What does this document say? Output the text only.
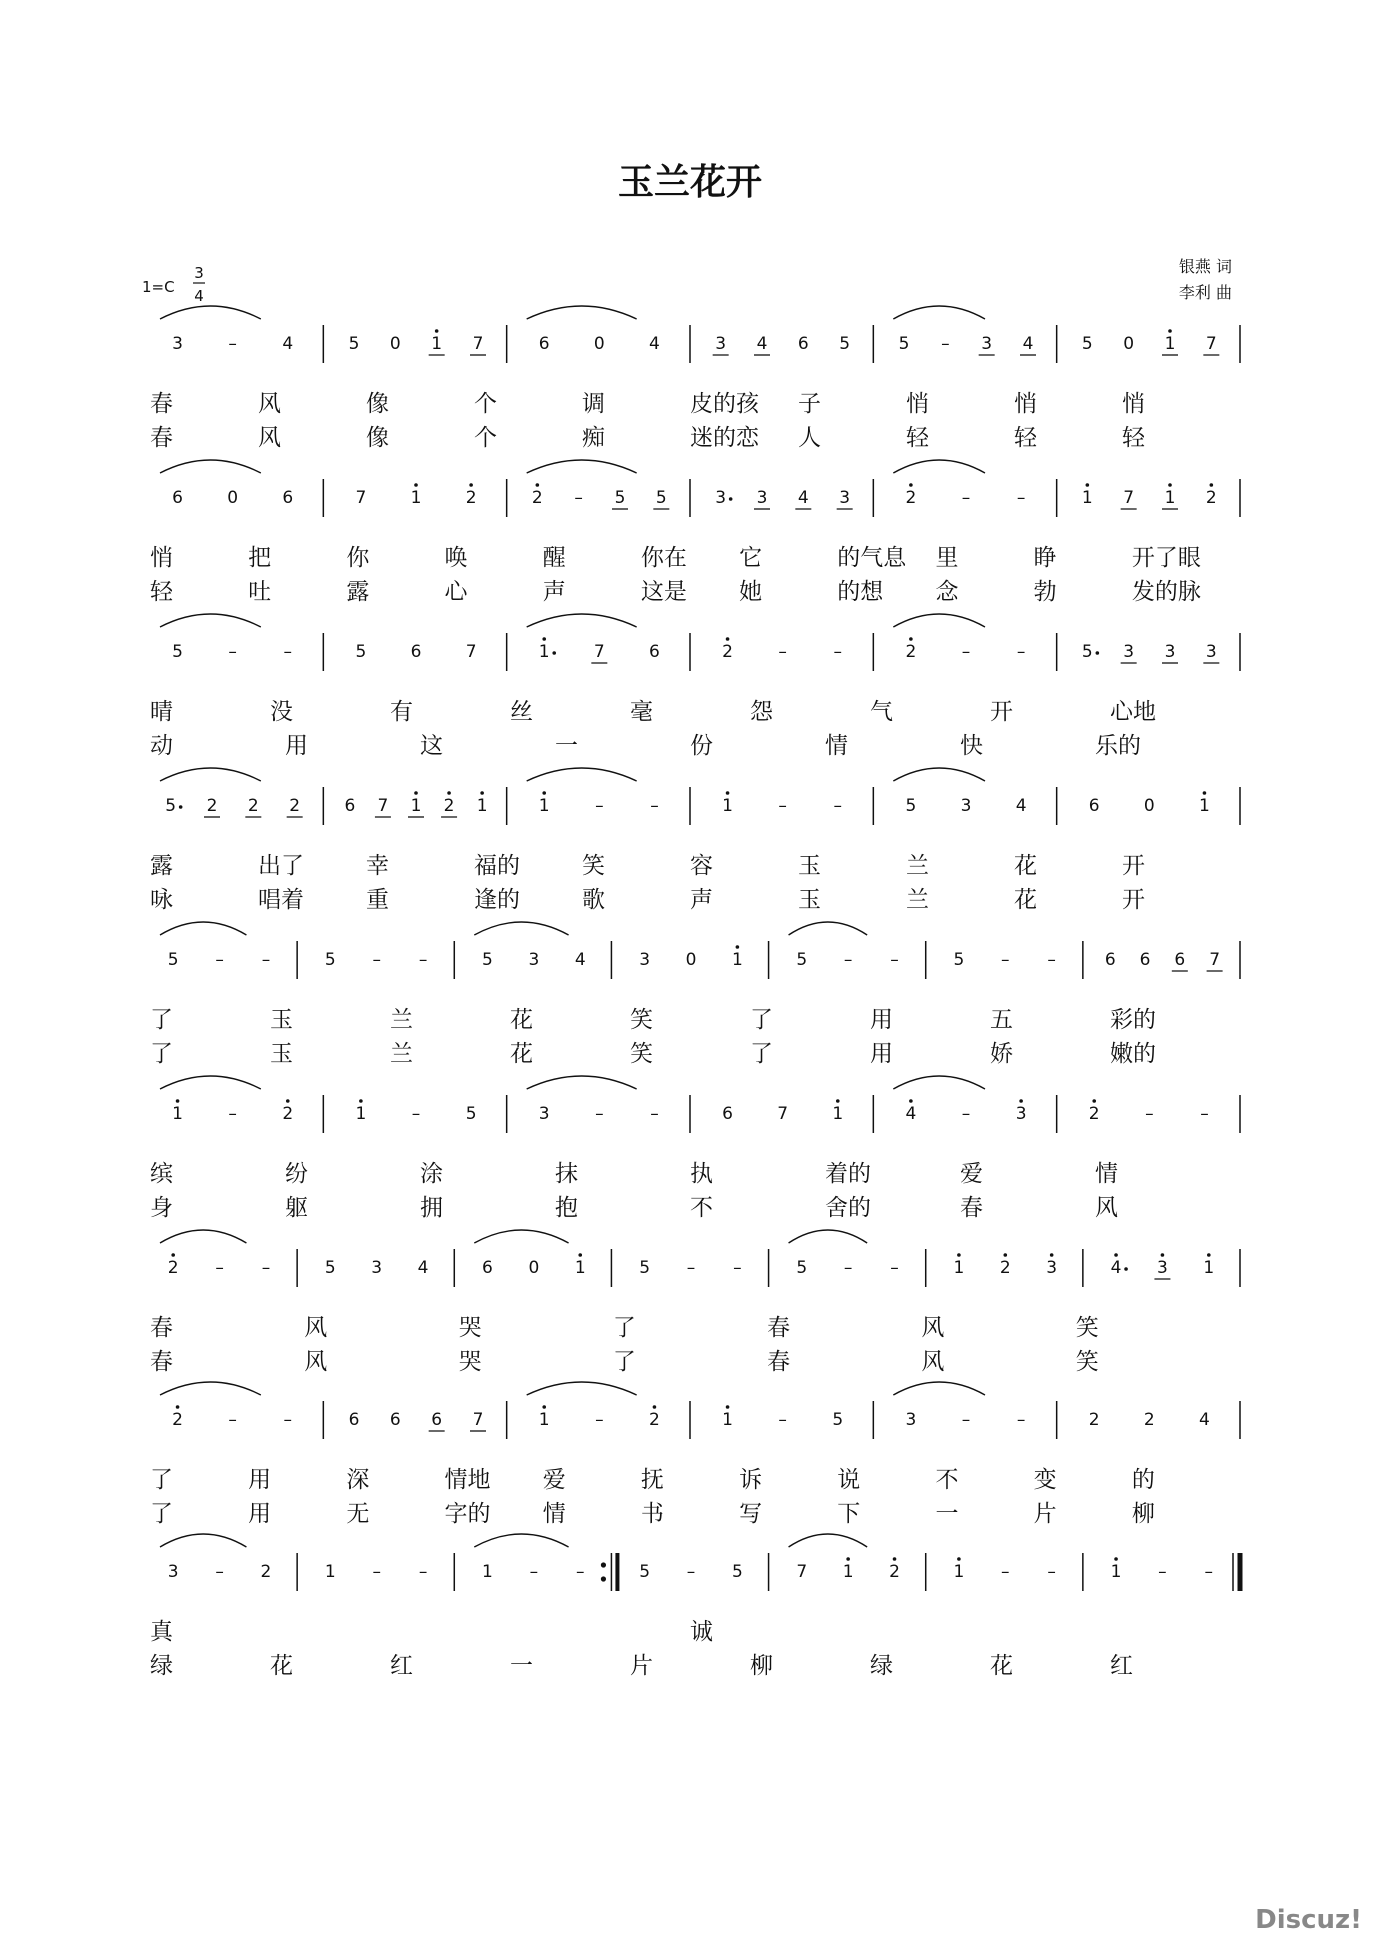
玉兰花开
1=C
3
4
银燕 词
李利 曲
3	–	4	5 0 1 7	6	0	4	3 4 6 5	5 – 3 4	5 0 1 7
春	风	像	个	调	皮的孩 子	悄	悄	悄
春	风	像	个	痴	迷的恋 人	轻	轻	轻
6	0	6	7	1	2	2 – 5 5	3 3 4 3	2	–	–	1 7 1 2
悄	把	你	唤	醒	你在 它	的气息 里	睁	开了眼
轻	吐	露	心	声	这是 她	的想 念	勃	发的脉
5	–	–	5	6	7	1	7	6	2	–	–	2	–	–	5 3 3 3
晴	没	有	丝	毫	怨	气	开	心地
动	用	这	一	份	情	快	乐的
5 2 2 2	6 7 1 2 1	1	–	–	1	–	–	5	3	4	6	0	1
露	出了	幸	福的	笑	容	玉	兰	花	开
咏	唱着	重	逢的	歌	声	玉	兰	花	开
5 – –	5 – –	5 3 4	3 0 1	5 – –	5 – –	6 6 6 7
了	玉	兰	花	笑	了	用	五	彩的
了	玉	兰	花	笑	了	用	娇	嫩的
1	–	2	1	–	5	3	–	–	6	7	1	4	–	3	2	–	–
缤	纷	涂	抹	执	着的	爱	情
身	躯	拥	抱	不	舍的	春	风
2 – –	5 3 4	6 0 1	5 – –	5 – –	1 2 3	4 3 1
春	风	哭	了	春	风	笑
春	风	哭	了	春	风	笑
2	–	–	6 6 6 7	1	–	2	1	–	5	3	–	–	2	2	4
了	用	深	情地 爱	抚	诉	说	不	变	的
了	用	无	字的 情	书	写	下	一	片	柳
3 – 2	1 – –	1 – –	5 – 5	7 1 2	1 – –	1 – –
真	诚
绿	花	红	一	片	柳	绿	花	红
Discuz!
